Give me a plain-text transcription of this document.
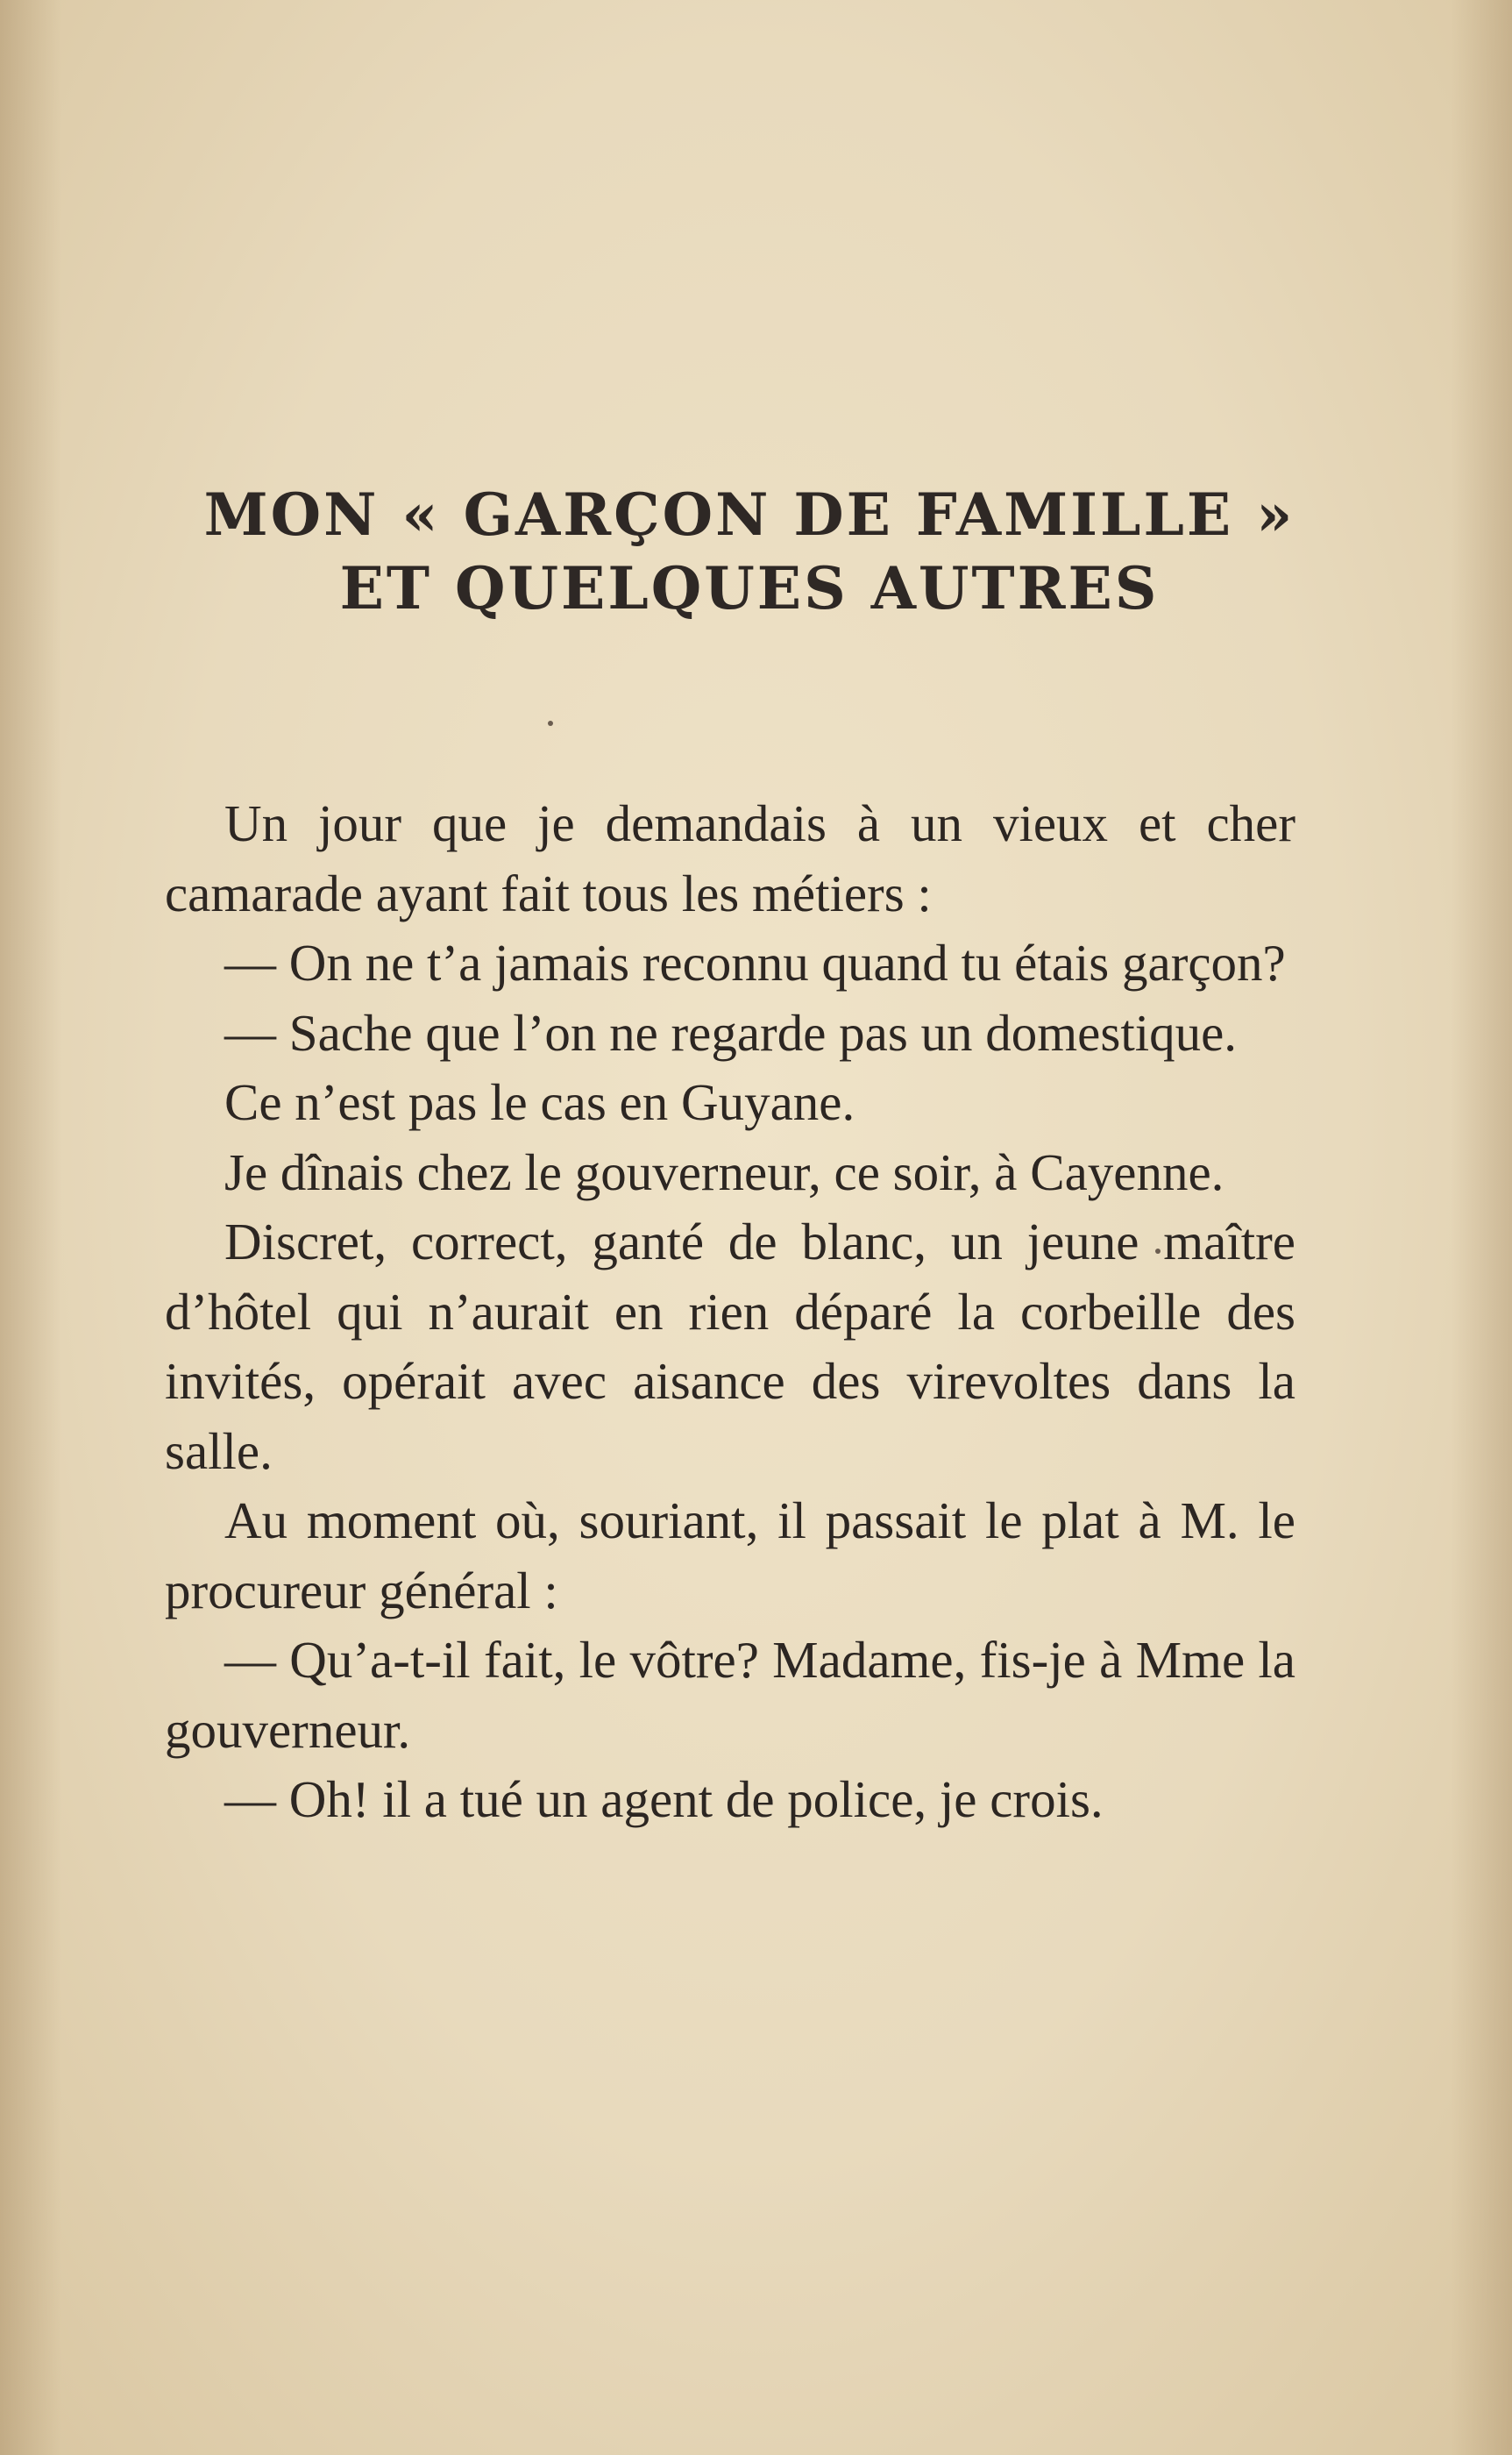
MON « GARÇON DE FAMILLE »
ET QUELQUES AUTRES

Un jour que je demandais à un vieux et cher camarade ayant fait tous les métiers :

— On ne t’a jamais reconnu quand tu étais garçon?

— Sache que l’on ne regarde pas un domestique.

Ce n’est pas le cas en Guyane.

Je dînais chez le gouverneur, ce soir, à Cayenne.

Discret, correct, ganté de blanc, un jeune maître d’hôtel qui n’aurait en rien déparé la corbeille des invités, opérait avec aisance des virevoltes dans la salle.

Au moment où, souriant, il passait le plat à M. le procureur général :

— Qu’a-t-il fait, le vôtre? Madame, fis-je à Mme la gouverneur.

— Oh! il a tué un agent de police, je crois.
